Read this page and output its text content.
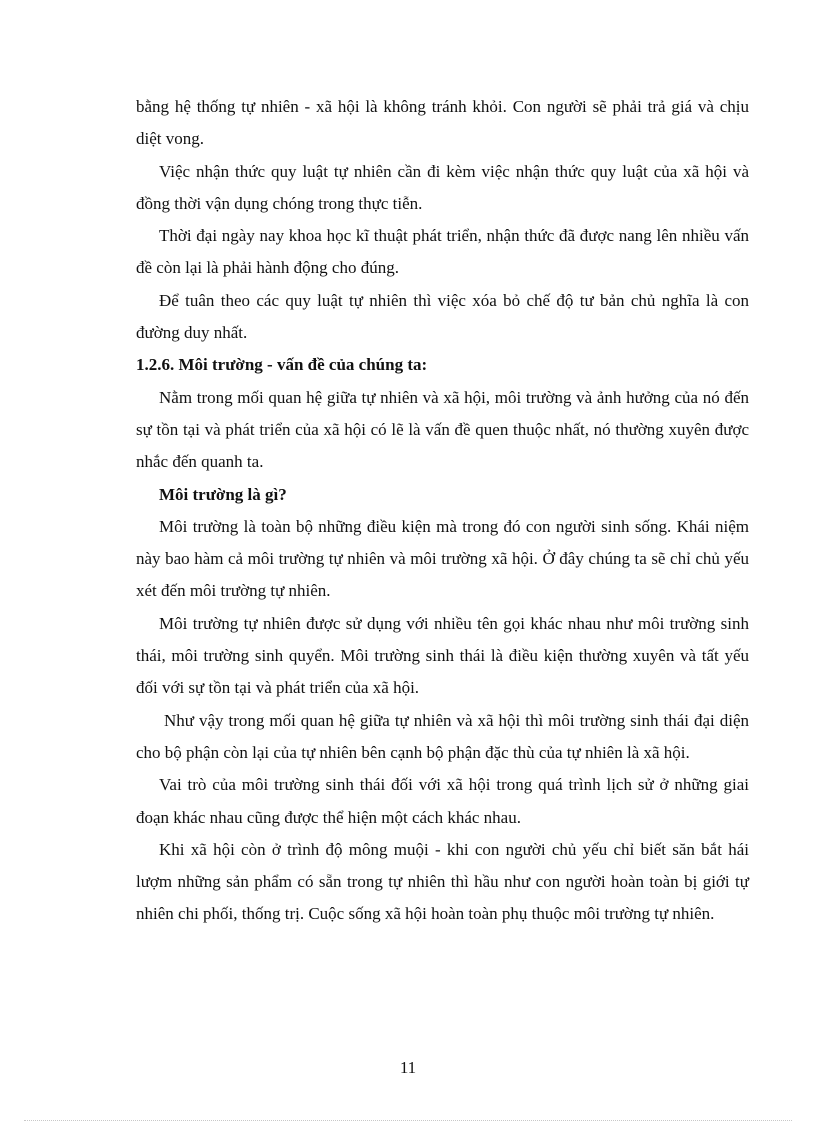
bằng hệ thống tự nhiên - xã hội là không tránh khỏi. Con người sẽ phải trả giá và chịu diệt vong.

Việc nhận thức quy luật tự nhiên cần đi kèm việc nhận thức quy luật của xã hội và đồng thời vận dụng chóng trong thực tiễn.

Thời đại ngày nay khoa học kĩ thuật phát triển, nhận thức đã được nang lên nhiều vấn đề còn lại là phải hành động cho đúng.

Để tuân theo các quy luật tự nhiên thì việc xóa bỏ chế độ tư bản chủ nghĩa là con đường duy nhất.

1.2.6. Môi trường - vấn đề của chúng ta:

Nằm trong mối quan hệ giữa tự nhiên và xã hội, môi trường và ảnh hưởng của nó đến sự tồn tại và phát triển của xã hội có lẽ là vấn đề quen thuộc nhất, nó thường xuyên được nhắc đến quanh ta.

Môi trường là gì?

Môi trường là toàn bộ những điều kiện mà trong đó con người sinh sống. Khái niệm này bao hàm cả môi trường tự nhiên và môi trường xã hội. Ở đây chúng ta sẽ chỉ chủ yếu xét đến môi trường tự nhiên.

Môi trường tự nhiên được sử dụng với nhiều tên gọi khác nhau như môi trường sinh thái, môi trường sinh quyển. Môi trường sinh thái là điều kiện thường xuyên và tất yếu đối với sự tồn tại và phát triển của xã hội.

Như vậy trong mối quan hệ giữa tự nhiên và xã hội thì môi trường sinh thái đại diện cho bộ phận còn lại của tự nhiên bên cạnh bộ phận đặc thù của tự nhiên là xã hội.

Vai trò của môi trường sinh thái đối với xã hội trong quá trình lịch sử ở những giai đoạn khác nhau cũng được thể hiện một cách khác nhau.

Khi xã hội còn ở trình độ mông muội - khi con người chủ yếu chỉ biết săn bắt hái lượm những sản phẩm có sẵn trong tự nhiên thì hầu như con người hoàn toàn bị giới tự nhiên chi phối, thống trị. Cuộc sống xã hội hoàn toàn phụ thuộc môi trường tự nhiên.

11
